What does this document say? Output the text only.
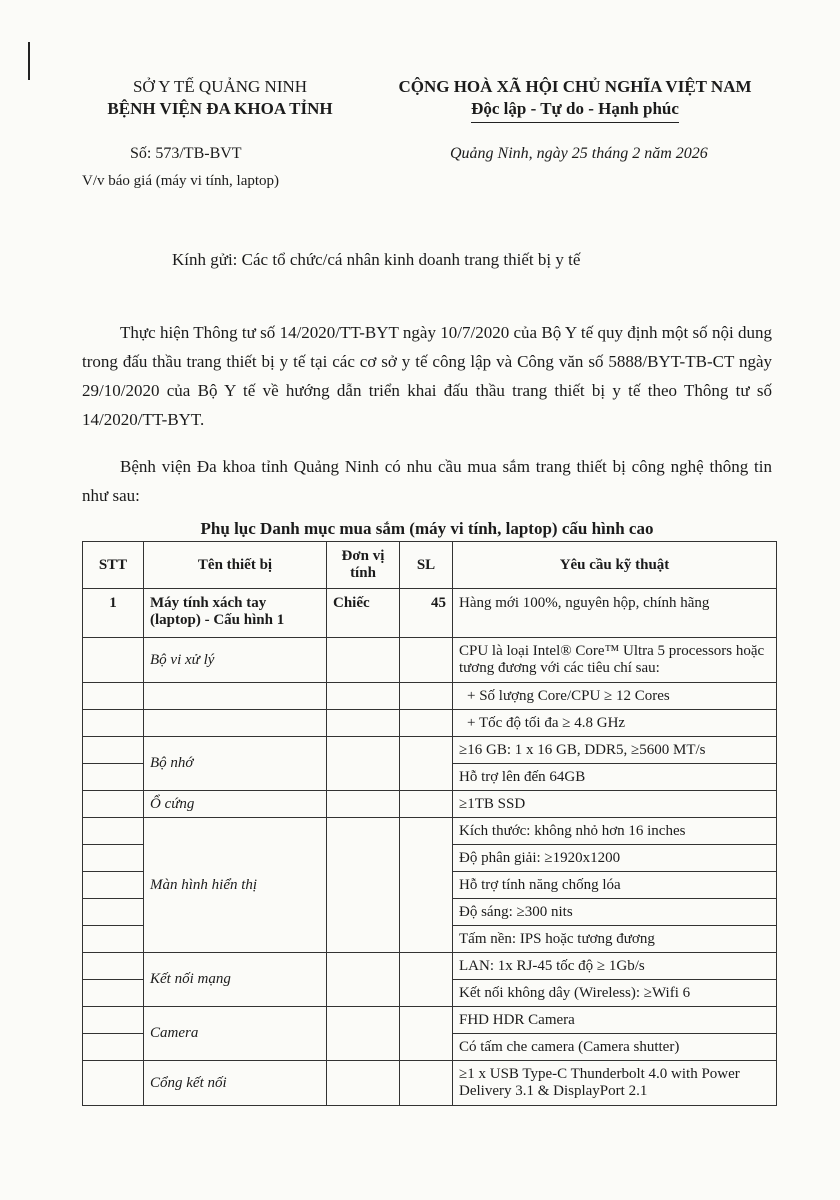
SỞ Y TẾ QUẢNG NINH
BỆNH VIỆN ĐA KHOA TỈNH
CỘNG HOÀ XÃ HỘI CHỦ NGHĨA VIỆT NAM
Độc lập - Tự do - Hạnh phúc
Số: 573/TB-BVT
V/v báo giá (máy vi tính, laptop)
Quảng Ninh, ngày 25 tháng 2 năm 2026
Kính gửi: Các tổ chức/cá nhân kinh doanh trang thiết bị y tế
Thực hiện Thông tư số 14/2020/TT-BYT ngày 10/7/2020 của Bộ Y tế quy định một số nội dung trong đấu thầu trang thiết bị y tế tại các cơ sở y tế công lập và Công văn số 5888/BYT-TB-CT ngày 29/10/2020 của Bộ Y tế về hướng dẫn triển khai đấu thầu trang thiết bị y tế theo Thông tư số 14/2020/TT-BYT.
Bệnh viện Đa khoa tỉnh Quảng Ninh có nhu cầu mua sắm trang thiết bị công nghệ thông tin như sau:
Phụ lục Danh mục mua sắm (máy vi tính, laptop) cấu hình cao
STT	Tên thiết bị	Đơn vị tính	SL	Yêu cầu kỹ thuật
1	Máy tính xách tay (laptop) - Cấu hình 1	Chiếc	45	Hàng mới 100%, nguyên hộp, chính hãng
	Bộ vi xử lý			CPU là loại Intel® Core™ Ultra 5 processors hoặc tương đương với các tiêu chí sau:
				+ Số lượng Core/CPU ≥ 12 Cores
				+ Tốc độ tối đa ≥ 4.8 GHz
	Bộ nhớ			≥16 GB: 1 x 16 GB, DDR5, ≥5600 MT/s
				Hỗ trợ lên đến 64GB
	Ổ cứng			≥1TB SSD
	Màn hình hiển thị			Kích thước: không nhỏ hơn 16 inches
				Độ phân giải: ≥1920x1200
				Hỗ trợ tính năng chống lóa
				Độ sáng: ≥300 nits
				Tấm nền: IPS hoặc tương đương
	Kết nối mạng			LAN: 1x RJ-45 tốc độ ≥ 1Gb/s
				Kết nối không dây (Wireless): ≥Wifi 6
	Camera			FHD HDR Camera
				Có tấm che camera (Camera shutter)
	Cổng kết nối			≥1 x USB Type-C Thunderbolt 4.0 with Power Delivery 3.1 & DisplayPort 2.1
